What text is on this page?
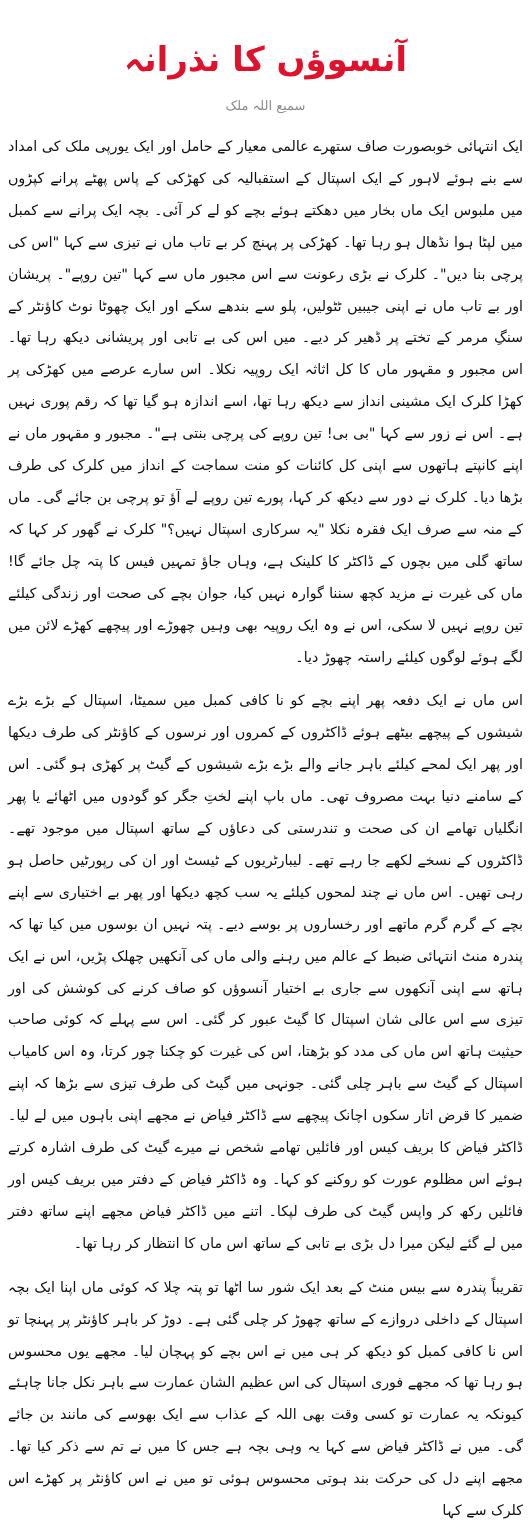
آنسوؤں کا نذرانہ
سمیع اللہ ملک

ایک انتہائی خوبصورت صاف ستھرے عالمی معیار کے حامل اور ایک یورپی ملک کی امداد سے بنے ہوئے لاہور کے ایک اسپتال کے استقبالیہ کی کھڑکی کے پاس پھٹے پرانے کپڑوں میں ملبوس ایک ماں بخار میں دھکتے ہوئے بچے کو لے کر آئی۔ بچہ ایک پرانے سے کمبل میں لپٹا ہوا نڈھال ہو رہا تھا۔ کھڑکی پر پہنچ کر بے تاب ماں نے تیزی سے کہا "اس کی پرچی بنا دیں"۔ کلرک نے بڑی رعونت سے اس مجبور ماں سے کہا "تین روپے"۔ پریشان اور بے تاب ماں نے اپنی جیبیں ٹٹولیں، پلو سے بندھے سکے اور ایک چھوٹا نوٹ کاؤنٹر کے سنگِ مرمر کے تختے پر ڈھیر کر دیے۔ میں اس کی بے تابی اور پریشانی دیکھ رہا تھا۔ اس مجبور و مقہور ماں کا کل اثاثہ ایک روپیہ نکلا۔ اس سارے عرصے میں کھڑکی پر کھڑا کلرک ایک مشینی انداز سے دیکھ رہا تھا، اسے اندازہ ہو گیا تھا کہ رقم پوری نہیں ہے۔ اس نے زور سے کہا "بی بی! تین روپے کی پرچی بنتی ہے"۔ مجبور و مقہور ماں نے اپنے کانپتے ہاتھوں سے اپنی کل کائنات کو منت سماجت کے انداز میں کلرک کی طرف بڑھا دیا۔ کلرک نے دور سے دیکھ کر کہا، پورے تین روپے لے آؤ تو پرچی بن جائے گی۔ ماں کے منہ سے صرف ایک فقرہ نکلا "یہ سرکاری اسپتال نہیں؟" کلرک نے گھور کر کہا کہ ساتھ گلی میں بچوں کے ڈاکٹر کا کلینک ہے، وہاں جاؤ تمہیں فیس کا پتہ چل جائے گا! ماں کی غیرت نے مزید کچھ سننا گوارہ نہیں کیا، جوان بچے کی صحت اور زندگی کیلئے تین روپے نہیں لا سکی، اس نے وہ ایک روپیہ بھی وہیں چھوڑے اور پیچھے کھڑے لائن میں لگے ہوئے لوگوں کیلئے راستہ چھوڑ دیا۔

اس ماں نے ایک دفعہ پھر اپنے بچے کو نا کافی کمبل میں سمیٹا، اسپتال کے بڑے بڑے شیشوں کے پیچھے بیٹھے ہوئے ڈاکٹروں کے کمروں اور نرسوں کے کاؤنٹر کی طرف دیکھا اور پھر ایک لمحے کیلئے باہر جانے والے بڑے بڑے شیشوں کے گیٹ پر کھڑی ہو گئی۔ اس کے سامنے دنیا بہت مصروف تھی۔ ماں باپ اپنے لختِ جگر کو گودوں میں اٹھائے یا پھر انگلیاں تھامے ان کی صحت و تندرستی کی دعاؤں کے ساتھ اسپتال میں موجود تھے۔ ڈاکٹروں کے نسخے لکھے جا رہے تھے۔ لیبارٹریوں کے ٹیسٹ اور ان کی رپورٹیں حاصل ہو رہی تھیں۔ اس ماں نے چند لمحوں کیلئے یہ سب کچھ دیکھا اور پھر بے اختیاری سے اپنے بچے کے گرم گرم ماتھے اور رخساروں پر بوسے دیے۔ پتہ نہیں ان بوسوں میں کیا تھا کہ پندرہ منٹ انتہائی ضبط کے عالم میں رہنے والی ماں کی آنکھیں چھلک پڑیں، اس نے ایک ہاتھ سے اپنی آنکھوں سے جاری بے اختیار آنسوؤں کو صاف کرنے کی کوشش کی اور تیزی سے اس عالی شان اسپتال کا گیٹ عبور کر گئی۔ اس سے پہلے کہ کوئی صاحب حیثیت ہاتھ اس ماں کی مدد کو بڑھتا، اس کی غیرت کو چکنا چور کرتا، وہ اس کامیاب اسپتال کے گیٹ سے باہر چلی گئی۔ جونہی میں گیٹ کی طرف تیزی سے بڑھا کہ اپنے ضمیر کا قرض اتار سکوں اچانک پیچھے سے ڈاکٹر فیاض نے مجھے اپنی باہوں میں لے لیا۔ ڈاکٹر فیاض کا بریف کیس اور فائلیں تھامے شخص نے میرے گیٹ کی طرف اشارہ کرتے ہوئے اس مظلوم عورت کو روکنے کو کہا۔ وہ ڈاکٹر فیاض کے دفتر میں بریف کیس اور فائلیں رکھ کر واپس گیٹ کی طرف لپکا۔ اتنے میں ڈاکٹر فیاض مجھے اپنے ساتھ دفتر میں لے گئے لیکن میرا دل بڑی بے تابی کے ساتھ اس ماں کا انتظار کر رہا تھا۔

تقریباً پندرہ سے بیس منٹ کے بعد ایک شور سا اٹھا تو پتہ چلا کہ کوئی ماں اپنا ایک بچہ اسپتال کے داخلی دروازے کے ساتھ چھوڑ کر چلی گئی ہے۔ دوڑ کر باہر کاؤنٹر پر پہنچا تو اس نا کافی کمبل کو دیکھ کر ہی میں نے اس بچے کو پہچان لیا۔ مجھے یوں محسوس ہو رہا تھا کہ مجھے فوری اسپتال کی اس عظیم الشان عمارت سے باہر نکل جانا چاہئے کیونکہ یہ عمارت تو کسی وقت بھی اللہ کے عذاب سے ایک بھوسے کی مانند بن جائے گی۔ میں نے ڈاکٹر فیاض سے کہا یہ وہی بچہ ہے جس کا میں نے تم سے ذکر کیا تھا۔ مجھے اپنے دل کی حرکت بند ہوتی محسوس ہوئی تو میں نے اس کاؤنٹر پر کھڑے اس کلرک سے کہا
